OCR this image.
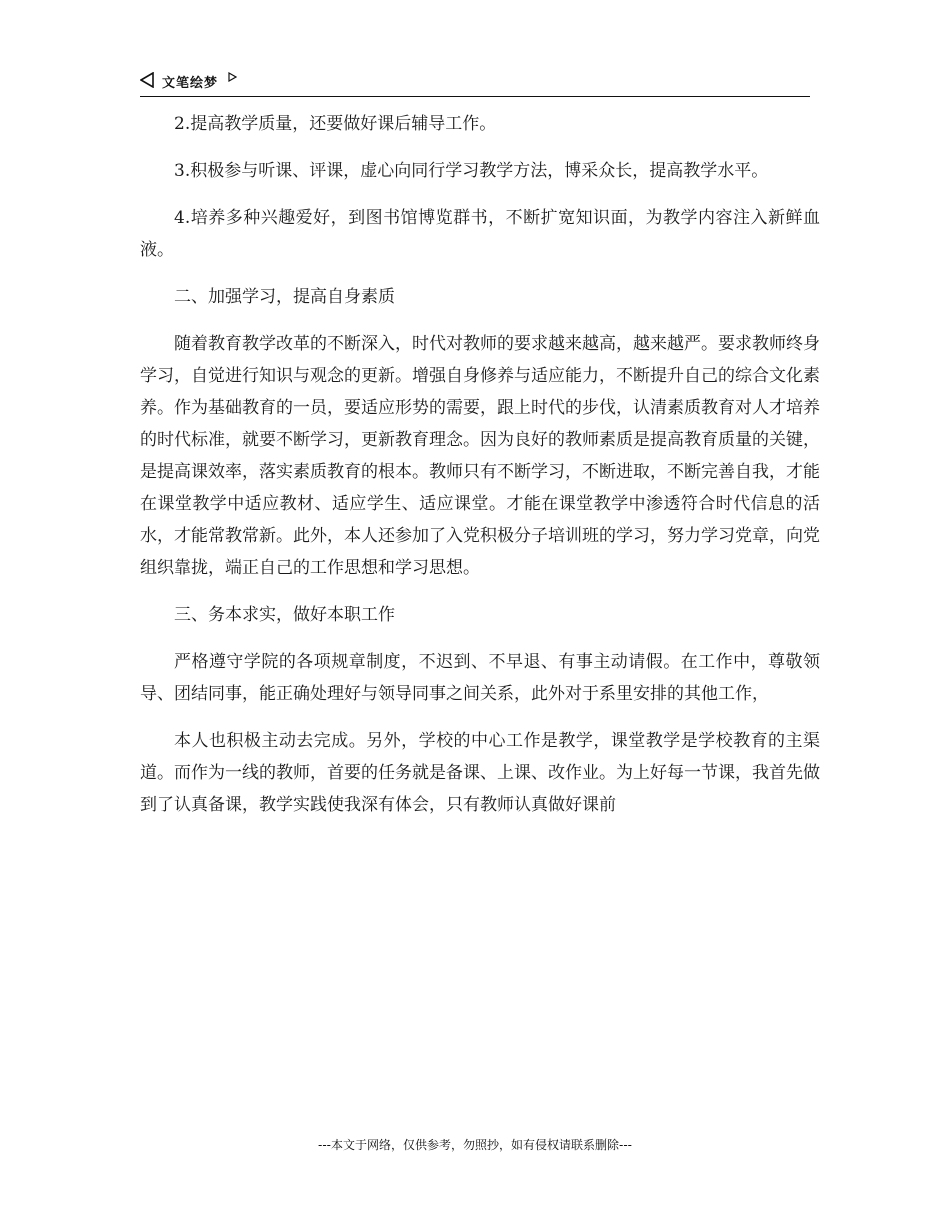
文笔绘梦

2.提高教学质量，还要做好课后辅导工作。

3.积极参与听课、评课，虚心向同行学习教学方法，博采众长，提高教学水平。

4.培养多种兴趣爱好，到图书馆博览群书，不断扩宽知识面，为教学内容注入新鲜血液。

二、加强学习，提高自身素质

随着教育教学改革的不断深入，时代对教师的要求越来越高，越来越严。要求教师终身学习，自觉进行知识与观念的更新。增强自身修养与适应能力，不断提升自己的综合文化素养。作为基础教育的一员，要适应形势的需要，跟上时代的步伐，认清素质教育对人才培养的时代标准，就要不断学习，更新教育理念。因为良好的教师素质是提高教育质量的关键，是提高课效率，落实素质教育的根本。教师只有不断学习，不断进取，不断完善自我，才能在课堂教学中适应教材、适应学生、适应课堂。才能在课堂教学中渗透符合时代信息的活水，才能常教常新。此外，本人还参加了入党积极分子培训班的学习，努力学习党章，向党组织靠拢，端正自己的工作思想和学习思想。

三、务本求实，做好本职工作

严格遵守学院的各项规章制度，不迟到、不早退、有事主动请假。在工作中，尊敬领导、团结同事，能正确处理好与领导同事之间关系，此外对于系里安排的其他工作，

本人也积极主动去完成。另外，学校的中心工作是教学，课堂教学是学校教育的主渠道。而作为一线的教师，首要的任务就是备课、上课、改作业。为上好每一节课，我首先做到了认真备课，教学实践使我深有体会，只有教师认真做好课前

---本文于网络，仅供参考，勿照抄，如有侵权请联系删除---
